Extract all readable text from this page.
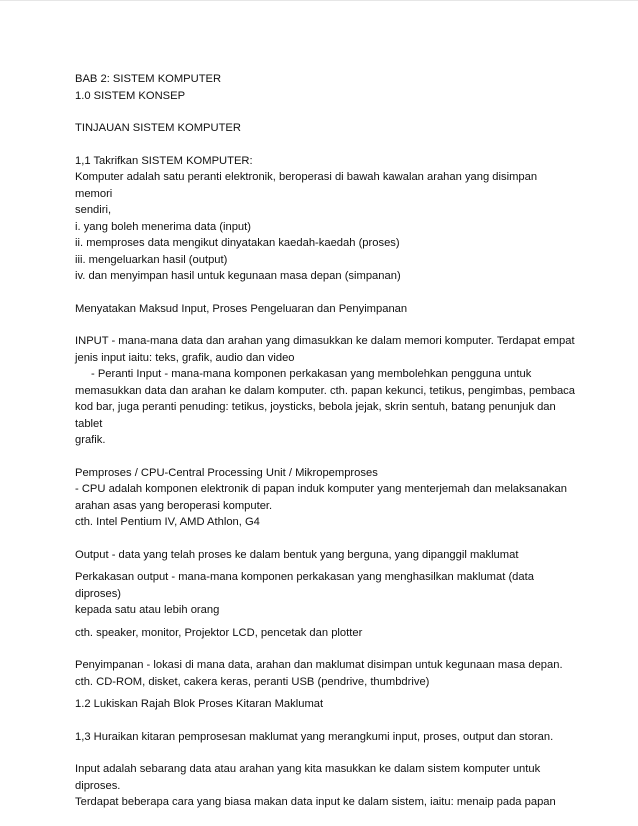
BAB 2: SISTEM KOMPUTER

1.0 SISTEM KONSEP

TINJAUAN SISTEM KOMPUTER

1,1 Takrifkan SISTEM KOMPUTER:

Komputer adalah satu peranti elektronik, beroperasi di bawah kawalan arahan yang disimpan memori

sendiri,

i. yang boleh menerima data (input)

ii. memproses data mengikut dinyatakan kaedah-kaedah (proses)

iii. mengeluarkan hasil (output)

iv. dan menyimpan hasil untuk kegunaan masa depan (simpanan)

Menyatakan Maksud Input, Proses Pengeluaran dan Penyimpanan

INPUT - mana-mana data dan arahan yang dimasukkan ke dalam memori komputer. Terdapat empat

jenis input iaitu: teks, grafik, audio dan video

- Peranti Input - mana-mana komponen perkakasan yang membolehkan pengguna untuk

memasukkan data dan arahan ke dalam komputer. cth. papan kekunci, tetikus, pengimbas, pembaca

kod bar, juga peranti penuding: tetikus, joysticks, bebola jejak, skrin sentuh, batang penunjuk dan tablet

grafik.

Pemproses / CPU-Central Processing Unit / Mikropemproses

- CPU adalah komponen elektronik di papan induk komputer yang menterjemah dan melaksanakan

arahan asas yang beroperasi komputer.

cth. Intel Pentium IV, AMD Athlon, G4

Output - data yang telah proses ke dalam bentuk yang berguna, yang dipanggil maklumat

Perkakasan output - mana-mana komponen perkakasan yang menghasilkan maklumat (data diproses)

kepada satu atau lebih orang

cth. speaker, monitor, Projektor LCD, pencetak dan plotter

Penyimpanan - lokasi di mana data, arahan dan maklumat disimpan untuk kegunaan masa depan.

cth. CD-ROM, disket, cakera keras, peranti USB (pendrive, thumbdrive)

1.2 Lukiskan Rajah Blok Proses Kitaran Maklumat

1,3 Huraikan kitaran pemprosesan maklumat yang merangkumi input, proses, output dan storan.

Input adalah sebarang data atau arahan yang kita masukkan ke dalam sistem komputer untuk diproses.

Terdapat beberapa cara yang biasa makan data input ke dalam sistem, iaitu: menaip pada papan
